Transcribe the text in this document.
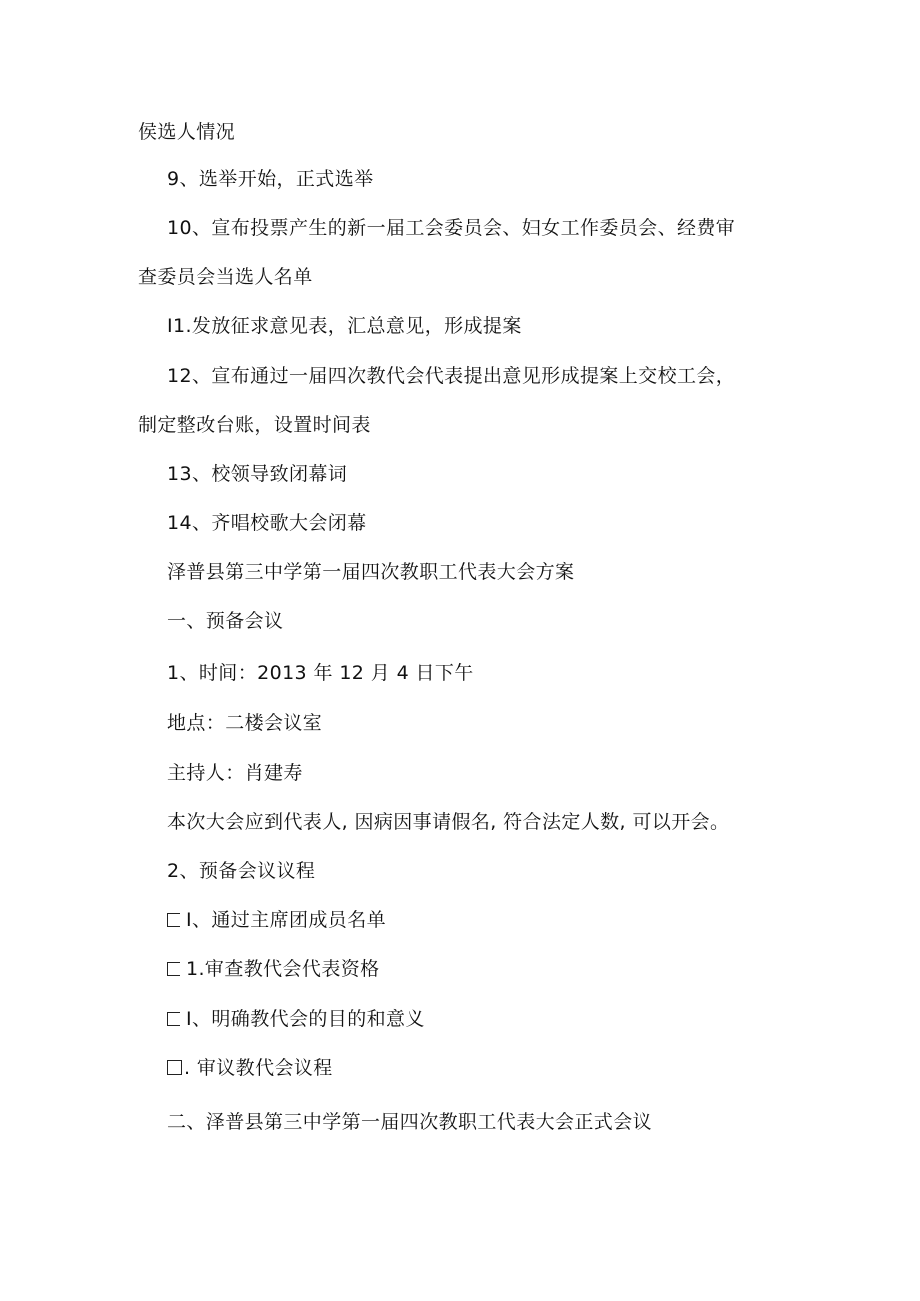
侯选人情况
9、选举开始，正式选举
10、宣布投票产生的新一届工会委员会、妇女工作委员会、经费审
查委员会当选人名单
I1.发放征求意见表，汇总意见，形成提案
12、宣布通过一届四次教代会代表提出意见形成提案上交校工会，
制定整改台账，设置时间表
13、校领导致闭幕词
14、齐唱校歌大会闭幕
泽普县第三中学第一届四次教职工代表大会方案
一、预备会议
1、时间：2013 年 12 月 4 日下午
地点：二楼会议室
主持人：肖建寿
本次大会应到代表人, 因病因事请假名, 符合法定人数, 可以开会。
2、预备会议议程
I、通过主席团成员名单
1.审查教代会代表资格
I、明确教代会的目的和意义
. 审议教代会议程
二、泽普县第三中学第一届四次教职工代表大会正式会议
